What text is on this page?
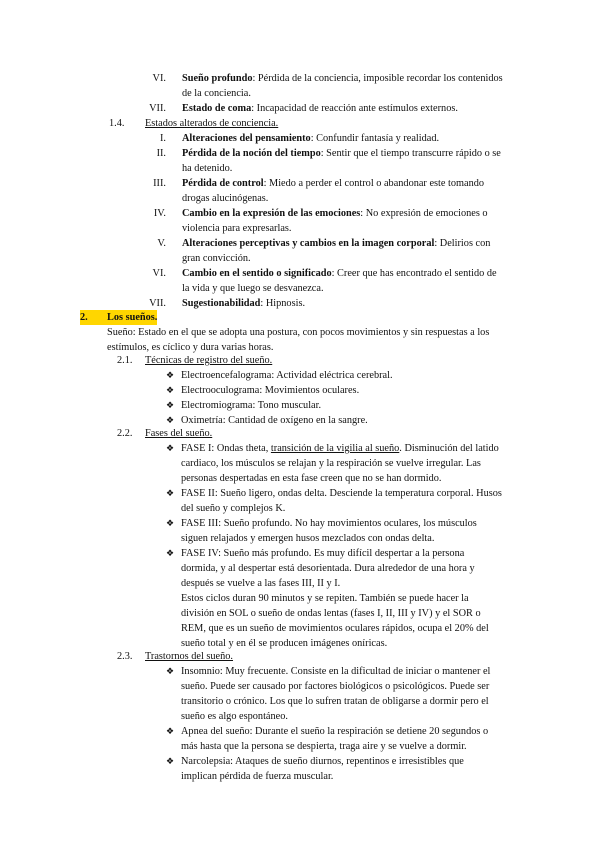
VI. Sueño profundo: Pérdida de la conciencia, imposible recordar los contenidos
de la conciencia.
VII. Estado de coma: Incapacidad de reacción ante estímulos externos.
1.4. Estados alterados de conciencia.
I. Alteraciones del pensamiento: Confundir fantasía y realidad.
II. Pérdida de la noción del tiempo: Sentir que el tiempo transcurre rápido o se
ha detenido.
III. Pérdida de control: Miedo a perder el control o abandonar este tomando
drogas alucinógenas.
IV. Cambio en la expresión de las emociones: No expresión de emociones o
violencia para expresarlas.
V. Alteraciones perceptivas y cambios en la imagen corporal: Delirios con
gran convicción.
VI. Cambio en el sentido o significado: Creer que has encontrado el sentido de
la vida y que luego se desvanezca.
VII. Sugestionabilidad: Hipnosis.
2.	Los sueños.
Sueño: Estado en el que se adopta una postura, con pocos movimientos y sin respuestas a los
estímulos, es cíclico y dura varias horas.
2.1. Técnicas de registro del sueño.
❖ Electroencefalograma: Actividad eléctrica cerebral.
❖ Electrooculograma: Movimientos oculares.
❖ Electromiograma: Tono muscular.
❖ Oximetría: Cantidad de oxígeno en la sangre.
2.2. Fases del sueño.
❖ FASE I: Ondas theta, transición de la vigilia al sueño. Disminución del latido
cardiaco, los músculos se relajan y la respiración se vuelve irregular. Las
personas despertadas en esta fase creen que no se han dormido.
❖ FASE II: Sueño ligero, ondas delta. Desciende la temperatura corporal. Husos
del sueño y complejos K.
❖ FASE III: Sueño profundo. No hay movimientos oculares, los músculos
siguen relajados y emergen husos mezclados con ondas delta.
❖ FASE IV: Sueño más profundo. Es muy difícil despertar a la persona
dormida, y al despertar está desorientada. Dura alrededor de una hora y
después se vuelve a las fases III, II y I.
Estos ciclos duran 90 minutos y se repiten. También se puede hacer la
división en SOL o sueño de ondas lentas (fases I, II, III y IV) y el SOR o
REM, que es un sueño de movimientos oculares rápidos, ocupa el 20% del
sueño total y en él se producen imágenes oníricas.
2.3. Trastornos del sueño.
❖ Insomnio: Muy frecuente. Consiste en la dificultad de iniciar o mantener el
sueño. Puede ser causado por factores biológicos o psicológicos. Puede ser
transitorio o crónico. Los que lo sufren tratan de obligarse a dormir pero el
sueño es algo espontáneo.
❖ Apnea del sueño: Durante el sueño la respiración se detiene 20 segundos o
más hasta que la persona se despierta, traga aire y se vuelve a dormir.
❖ Narcolepsia: Ataques de sueño diurnos, repentinos e irresistibles que
implican pérdida de fuerza muscular.
